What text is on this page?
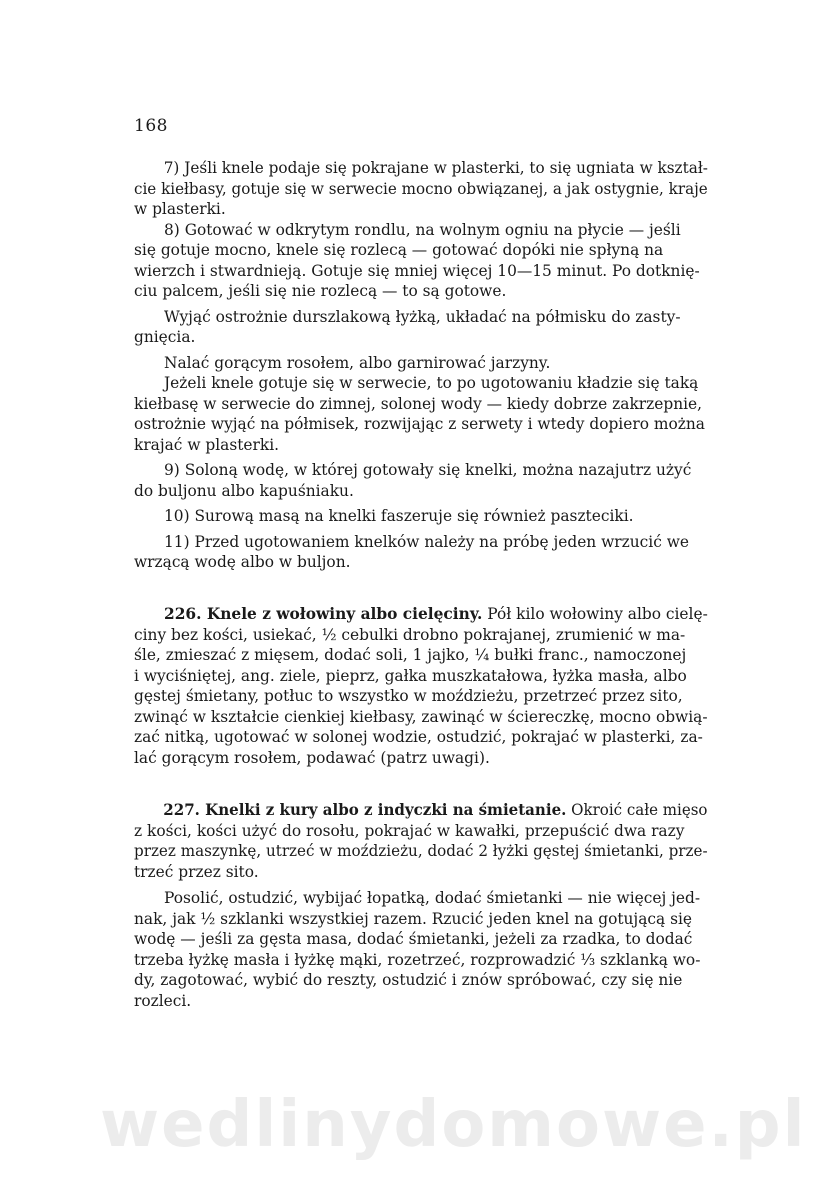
168
7) Jeśli knele podaje się pokrajane w plasterki, to się ugniata w kształ-
cie kiełbasy, gotuje się w serwecie mocno obwiązanej, a jak ostygnie, kraje
w plasterki.
8) Gotować w odkrytym rondlu, na wolnym ogniu na płycie — jeśli
się gotuje mocno, knele się rozlecą — gotować dopóki nie spłyną na
wierzch i stwardnieją. Gotuje się mniej więcej 10—15 minut. Po dotknię-
ciu palcem, jeśli się nie rozlecą — to są gotowe.
Wyjąć ostrożnie durszlakową łyżką, układać na półmisku do zasty-
gnięcia.
Nalać gorącym rosołem, albo garnirować jarzyny.
Jeżeli knele gotuje się w serwecie, to po ugotowaniu kładzie się taką
kiełbasę w serwecie do zimnej, solonej wody — kiedy dobrze zakrzepnie,
ostrożnie wyjąć na półmisek, rozwijając z serwety i wtedy dopiero można
krajać w plasterki.
9) Soloną wodę, w której gotowały się knelki, można nazajutrz użyć
do buljonu albo kapuśniaku.
10) Surową masą na knelki faszeruje się również paszteciki.
11) Przed ugotowaniem knelków należy na próbę jeden wrzucić we
wrzącą wodę albo w buljon.
226. Knele z wołowiny albo cielęciny. Pół kilo wołowiny albo cielę-
ciny bez kości, usiekać, ½ cebulki drobno pokrajanej, zrumienić w ma-
śle, zmieszać z mięsem, dodać soli, 1 jajko, ¼ bułki franc., namoczonej
i wyciśniętej, ang. ziele, pieprz, gałka muszkatałowa, łyżka masła, albo
gęstej śmietany, potłuc to wszystko w moździeżu, przetrzeć przez sito,
zwinąć w kształcie cienkiej kiełbasy, zawinąć w ściereczkę, mocno obwią-
zać nitką, ugotować w solonej wodzie, ostudzić, pokrajać w plasterki, za-
lać gorącym rosołem, podawać (patrz uwagi).
227. Knelki z kury albo z indyczki na śmietanie. Okroić całe mięso
z kości, kości użyć do rosołu, pokrajać w kawałki, przepuścić dwa razy
przez maszynkę, utrzeć w moździeżu, dodać 2 łyżki gęstej śmietanki, prze-
trzeć przez sito.
Posolić, ostudzić, wybijać łopatką, dodać śmietanki — nie więcej jed-
nak, jak ½ szklanki wszystkiej razem. Rzucić jeden knel na gotującą się
wodę — jeśli za gęsta masa, dodać śmietanki, jeżeli za rzadka, to dodać
trzeba łyżkę masła i łyżkę mąki, rozetrzeć, rozprowadzić ⅓ szklanką wo-
dy, zagotować, wybić do reszty, ostudzić i znów spróbować, czy się nie
rozleci.
wedlinydomowe.pl
